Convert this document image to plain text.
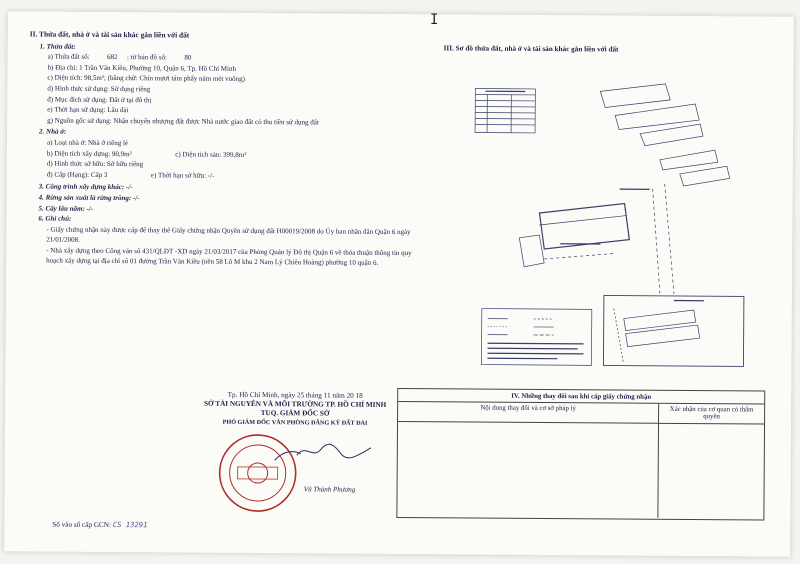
II. Thửa đất, nhà ở và tài sản khác gắn liền với đất
1. Thửa đất:
a) Thửa đất số: 682 ; tờ bản đồ số: 80
b) Địa chỉ: 1 Trần Văn Kiều, Phường 10, Quận 6, Tp. Hồ Chí Minh
c) Diện tích: 98,5m²; (bằng chữ: Chín mươi tám phẩy năm mét vuông)
d) Hình thức sử dụng: Sử dụng riêng
đ) Mục đích sử dụng: Đất ở tại đô thị
e) Thời hạn sử dụng: Lâu dài
g) Nguồn gốc sử dụng: Nhận chuyển nhượng đất được Nhà nước giao đất có thu tiền sử dụng đất
2. Nhà ở:
a) Loại nhà ở: Nhà ở riêng lẻ
b) Diện tích xây dựng: 90,9m²	c) Diện tích sàn: 399,8m²
d) Hình thức sở hữu: Sở hữu riêng
đ) Cấp (Hạng): Cấp 3	e) Thời hạn sở hữu: -/-
3. Công trình xây dựng khác: -/-
4. Rừng sản xuất là rừng trồng: -/-
5. Cây lâu năm: -/-
6. Ghi chú:
- Giấy chứng nhận này được cấp để thay thế Giấy chứng nhận Quyền sử dụng đất H00019/2008 do Ủy ban nhân dân Quận 6 ngày 21/01/2008.
- Nhà xây dựng theo Công văn số 431/QLĐT -XD ngày 21/03/2017 của Phòng Quản lý Đô thị Quận 6 về thỏa thuận thông tin quy hoạch xây dựng tại địa chỉ số 01 đường Trần Văn Kiều (nền 58 Lô M khu 2 Nam Lý Chiêu Hoàng) phường 10 quận 6.
III. Sơ đồ thửa đất, nhà ở và tài sản khác gắn liền với đất
Tp. Hồ Chí Minh, ngày 25 tháng 11 năm 20 18
SỞ TÀI NGUYÊN VÀ MÔI TRƯỜNG TP. HỒ CHÍ MINH
TUQ. GIÁM ĐỐC SỞ
PHÓ GIÁM ĐỐC VĂN PHÒNG ĐĂNG KÝ ĐẤT ĐAI
Vũ Thành Phương
Số vào sổ cấp GCN: CS 13291
IV. Những thay đổi sau khi cấp giấy chứng nhận
Nội dung thay đổi và cơ sở pháp lý	Xác nhận của cơ quan có thẩm quyền
I
